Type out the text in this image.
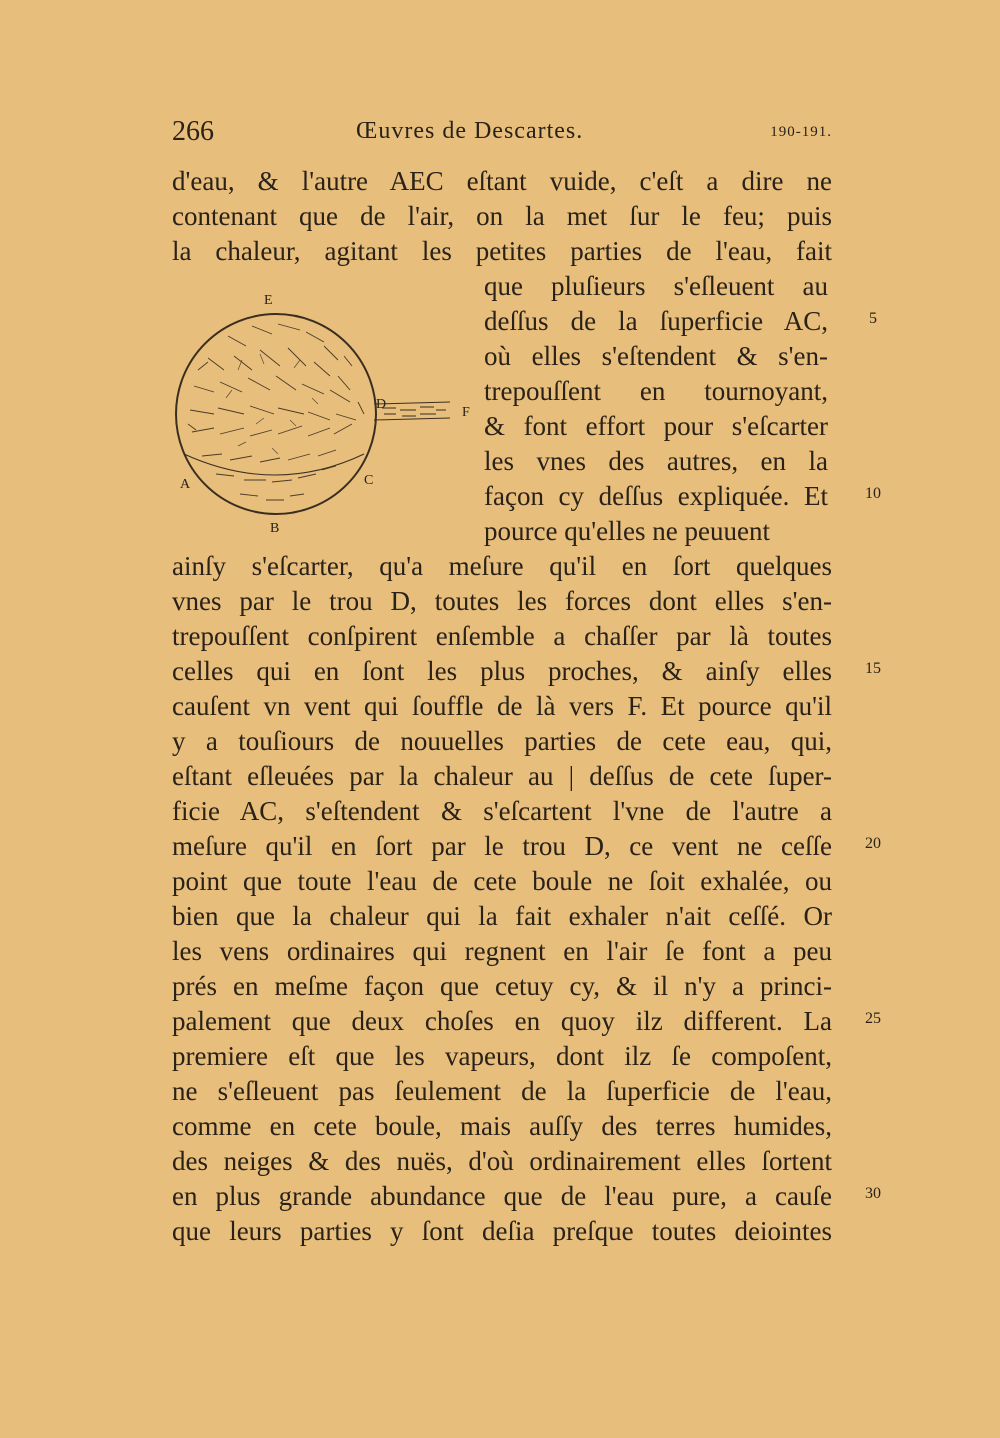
266	Œuvres de Descartes.	190-191.
E
D
F
A
B
C
d'eau, & l'autre AEC eſtant vuide, c'eſt a dire ne
contenant que de l'air, on la met ſur le feu; puis
la chaleur, agitant les petites parties de l'eau, fait
que pluſieurs s'eſleuent au
deſſus de la ſuperficie AC,
où elles s'eſtendent & s'en-
trepouſſent en tournoyant,
& font effort pour s'eſcarter
les vnes des autres, en la
façon cy deſſus expliquée. Et
pource qu'elles ne peuuent
ainſy s'eſcarter, qu'a meſure qu'il en ſort quelques
vnes par le trou D, toutes les forces dont elles s'en-
trepouſſent conſpirent enſemble a chaſſer par là toutes
celles qui en ſont les plus proches, & ainſy elles
cauſent vn vent qui ſouffle de là vers F. Et pource qu'il
y a touſiours de nouuelles parties de cete eau, qui,
eſtant eſleuées par la chaleur au | deſſus de cete ſuper-
ficie AC, s'eſtendent & s'eſcartent l'vne de l'autre a
meſure qu'il en ſort par le trou D, ce vent ne ceſſe
point que toute l'eau de cete boule ne ſoit exhalée, ou
bien que la chaleur qui la fait exhaler n'ait ceſſé. Or
les vens ordinaires qui regnent en l'air ſe font a peu
prés en meſme façon que cetuy cy, & il n'y a princi-
palement que deux choſes en quoy ilz different. La
premiere eſt que les vapeurs, dont ilz ſe compoſent,
ne s'eſleuent pas ſeulement de la ſuperficie de l'eau,
comme en cete boule, mais auſſy des terres humides,
des neiges & des nuës, d'où ordinairement elles ſortent
en plus grande abundance que de l'eau pure, a cauſe
que leurs parties y ſont deſia preſque toutes deiointes
5
10
15
20
25
30
